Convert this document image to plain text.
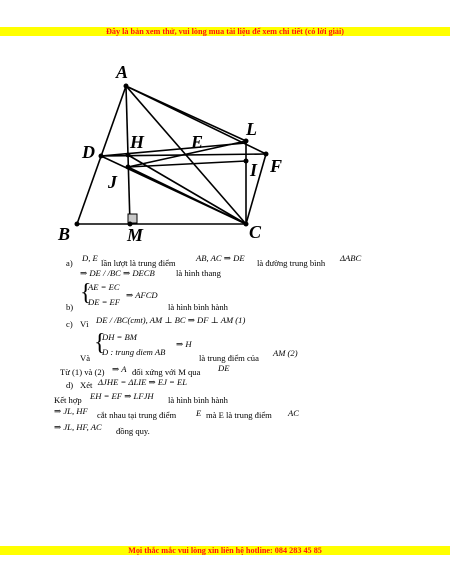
Đây là bản xem thử, vui lòng mua tài liệu để xem chi tiết (có lời giải)
A
B	C
D	E
F
H
I
J
L
M
a) D, E lần lượt là trung điểm AB, AC ⇒ DE là đường trung bình ΔABC
⇒ DE / /BC ⇒ DECB là hình thang
b)
{
AE = EC
DE = EF
⇒ AFCD
là hình bình hành
c) Vì DE / /BC(cmt), AM ⊥ BC ⇒ DF ⊥ AM (1)
{
DH = BM
D : trung diem AB
⇒ H
Và	là trung điểm của AM (2)
Từ (1) và (2) ⇒ A đối xứng với M qua DE
d) Xét ΔJHE = ΔLIE ⇒ EJ = EL
Kết hợp EH = EF ⇒ LFJH là hình bình hành
⇒ JL, HF cắt nhau tại trung điểm E mà E là trung điểm AC
⇒ JL, HF, AC đồng quy.
Mọi thắc mắc vui lòng xin liên hệ hotline: 084 283 45 85
